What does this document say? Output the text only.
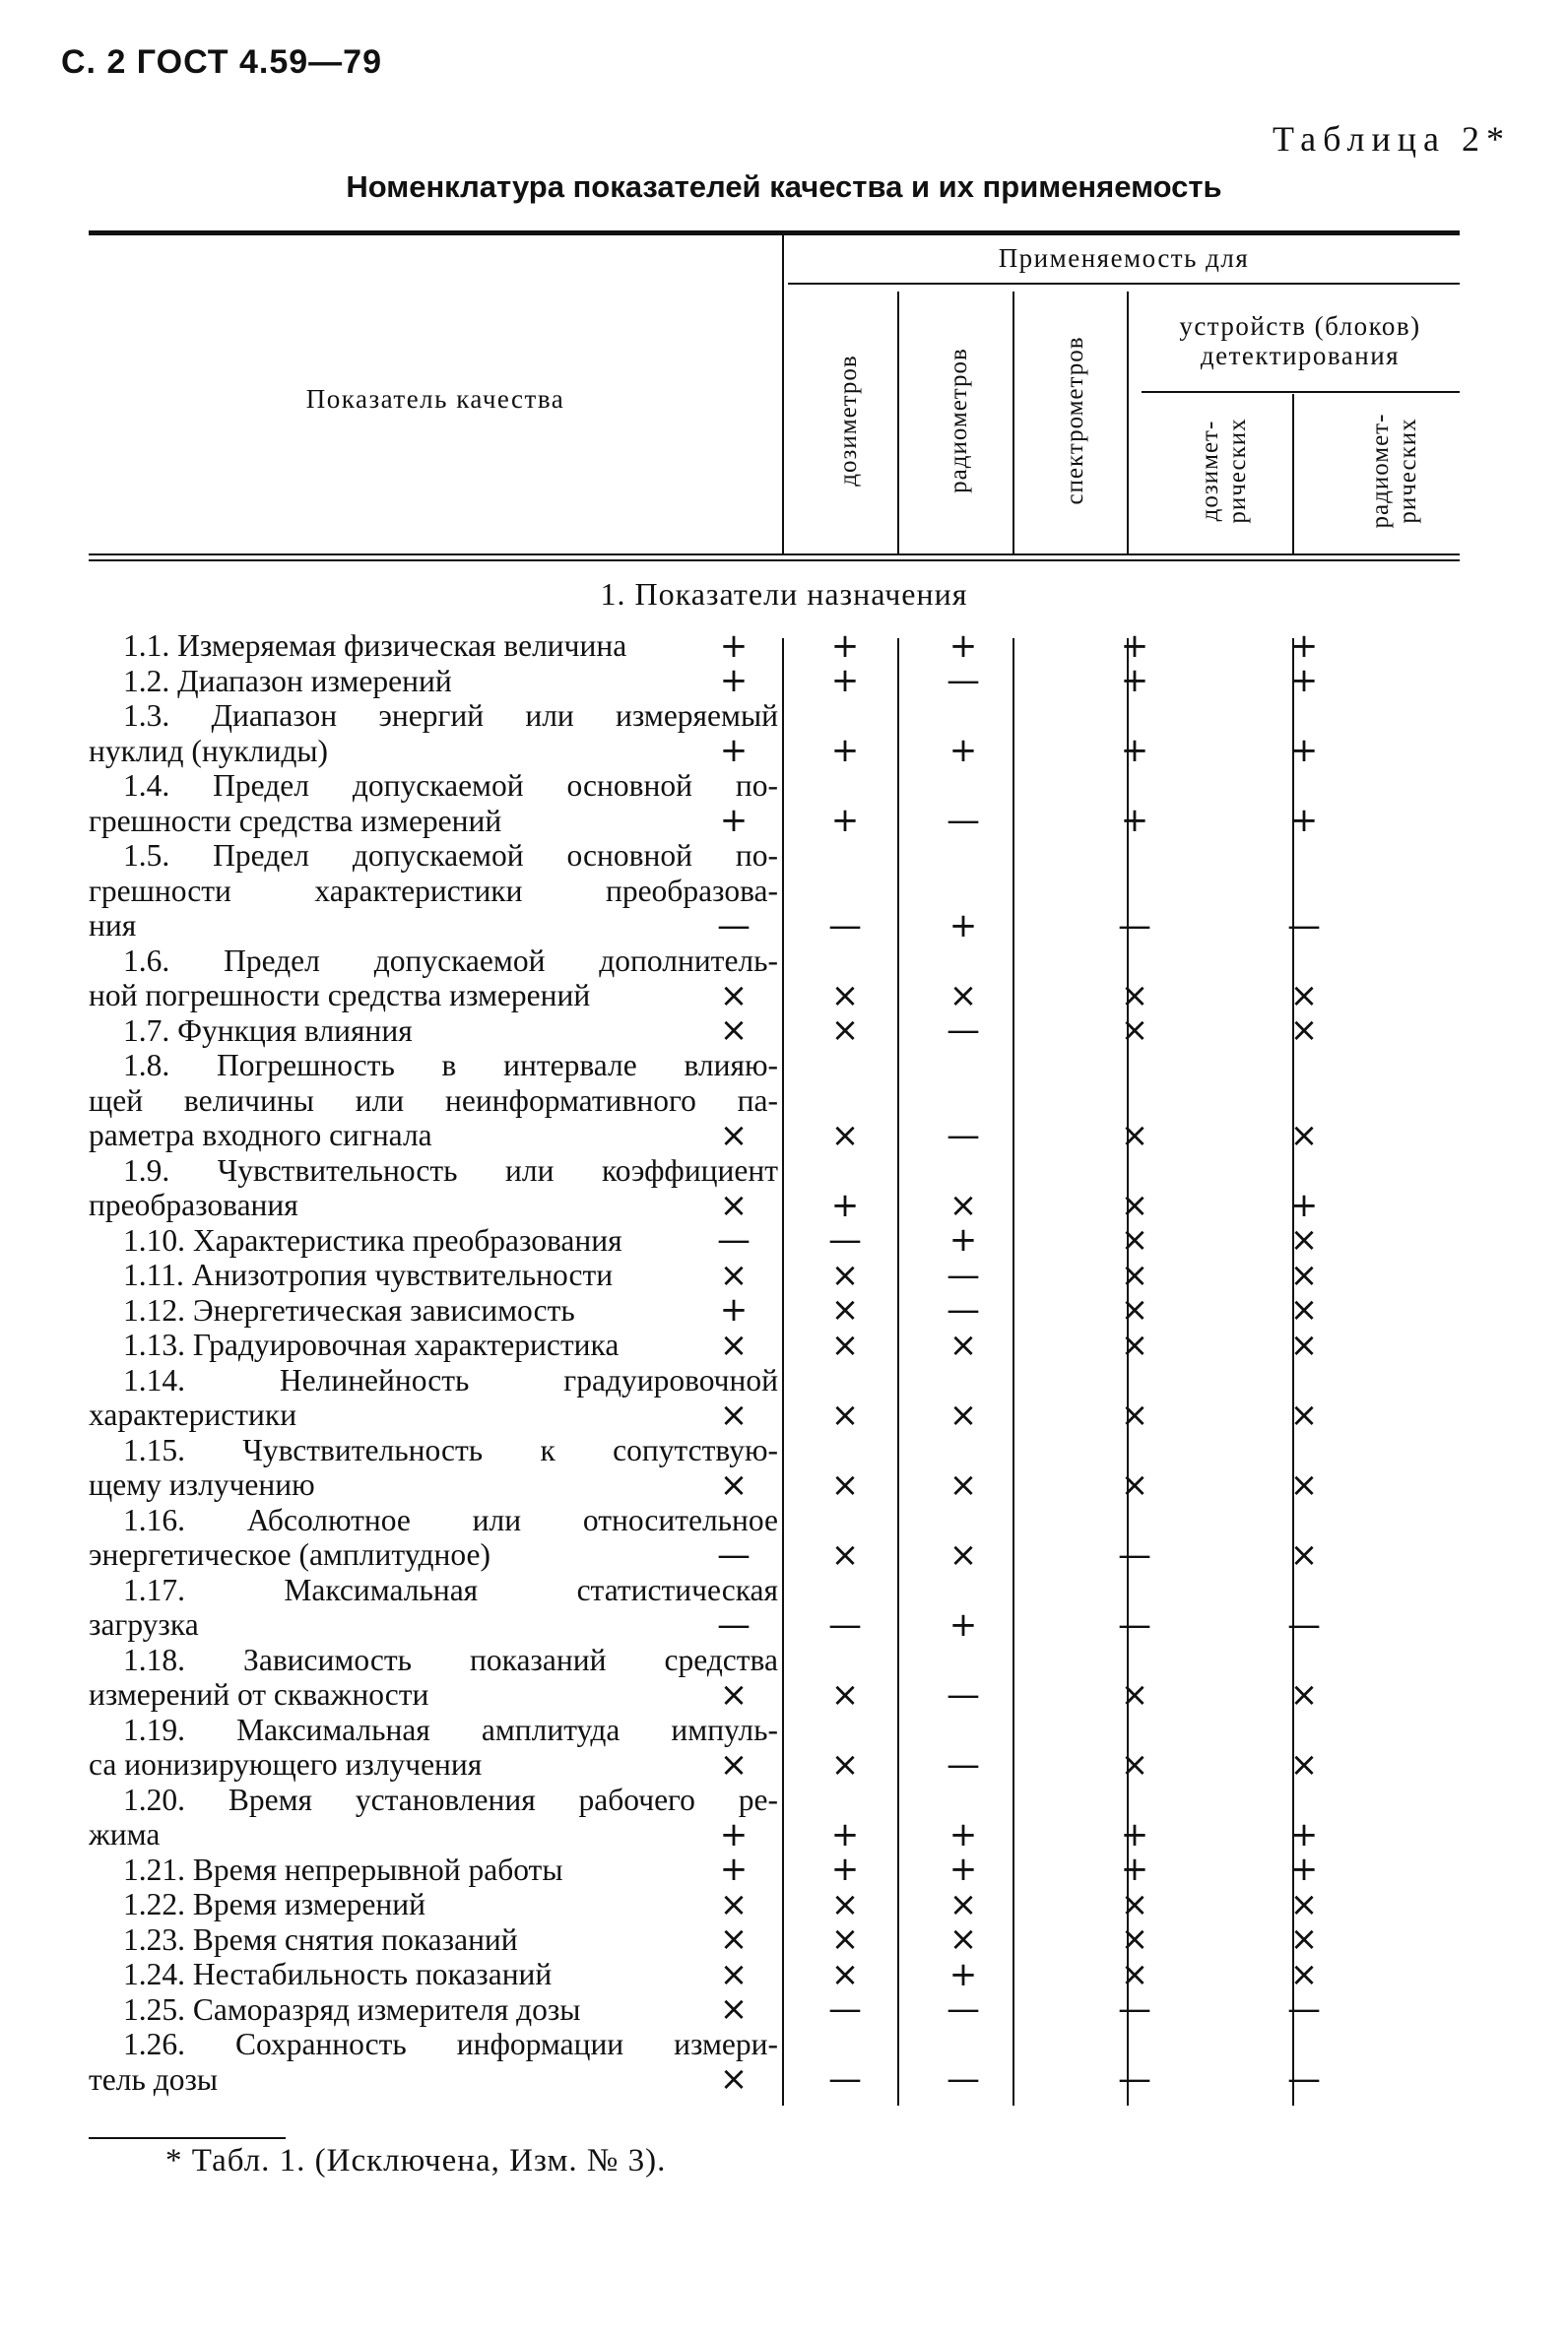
С. 2 ГОСТ 4.59—79
Таблица 2*
Номенклатура показателей качества и их применяемость
Показатель качества
Применяемость для
устройств (блоков) детектирования
дозиметров	радиометров	спектрометров	дозимет- рических	радиомет- рических
1. Показатели назначения
1.1. Измеряемая физическая величина	+ +	+	+	+
1.2. Диапазон измерений	+ +	—	+	+
1.3. Диапазон энергий или измеряемый
нуклид (нуклиды)	+ +	+	+	+
1.4. Предел допускаемой основной по-
грешности средства измерений	+ +	—	+	+
1.5. Предел допускаемой основной по-
грешности характеристики преобразова-
ния	— —	+	—	—
1.6. Предел допускаемой дополнитель-
ной погрешности средства измерений	× ×	×	×	×
1.7. Функция влияния	× ×	—	×	×
1.8. Погрешность в интервале влияю-
щей величины или неинформативного па-
раметра входного сигнала	× ×	—	×	×
1.9. Чувствительность или коэффициент
преобразования	× +	×	×	+
1.10. Характеристика преобразования	— —	+	×	×
1.11. Анизотропия чувствительности	× ×	—	×	×
1.12. Энергетическая зависимость	+ ×	—	×	×
1.13. Градуировочная характеристика	× ×	×	×	×
1.14. Нелинейность градуировочной
характеристики	× ×	×	×	×
1.15. Чувствительность к сопутствую-
щему излучению	× ×	×	×	×
1.16. Абсолютное или относительное
энергетическое (амплитудное)	— ×	×	—	×
1.17. Максимальная статистическая
загрузка	— —	+	—	—
1.18. Зависимость показаний средства
измерений от скважности	× ×	—	×	×
1.19. Максимальная амплитуда импуль-
са ионизирующего излучения	× ×	—	×	×
1.20. Время установления рабочего ре-
жима	+ +	+	+	+
1.21. Время непрерывной работы	+ +	+	+	+
1.22. Время измерений	× ×	×	×	×
1.23. Время снятия показаний	× ×	×	×	×
1.24. Нестабильность показаний	× ×	+	×	×
1.25. Саморазряд измерителя дозы	× —	—	—	—
1.26. Сохранность информации измери-
тель дозы	× —	—	—	—
* Табл. 1. (Исключена, Изм. № 3).
